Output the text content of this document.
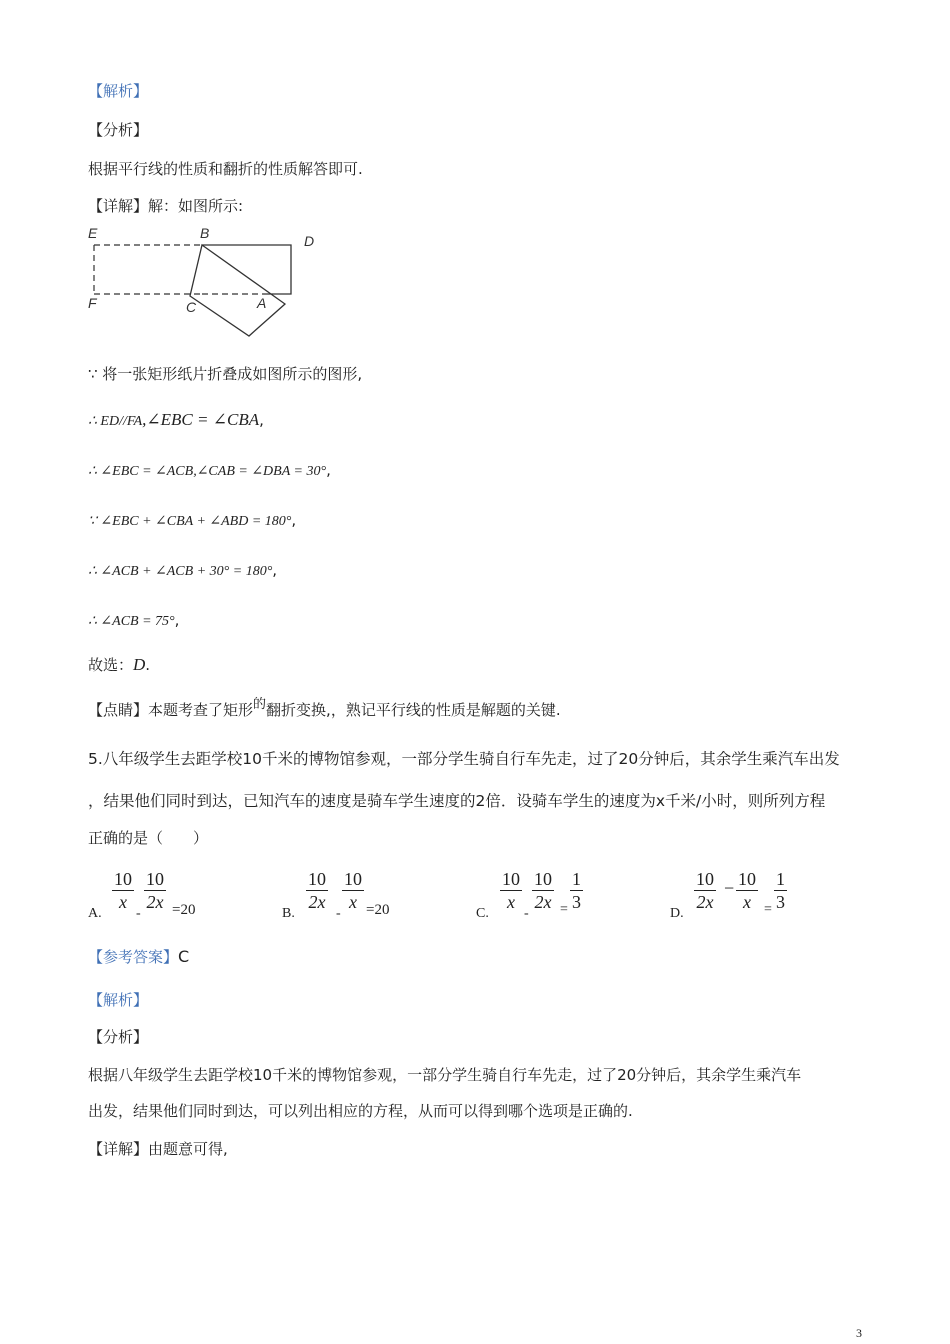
【解析】
【分析】
根据平行线的性质和翻折的性质解答即可.
【详解】解：如图所示:
E	B	D
F	C	A
∵ 将一张矩形纸片折叠成如图所示的图形,
∴ ED//FA,∠EBC = ∠CBA,
∴ ∠EBC = ∠ACB,∠CAB = ∠DBA = 30°,
∵ ∠EBC + ∠CBA + ∠ABD = 180°,
∴ ∠ACB + ∠ACB + 30° = 180°,
∴ ∠ACB = 75°,
故选：D.
【点睛】本题考查了矩形的翻折变换,，熟记平行线的性质是解题的关键.
5.八年级学生去距学校10千米的博物馆参观，一部分学生骑自行车先走，过了20分钟后，其余学生乘汽车出发
，结果他们同时到达，已知汽车的速度是骑车学生速度的2倍．设骑车学生的速度为x千米/小时，则所列方程
正确的是（　　）
A.
$\frac{10}{x}$
-
$\frac{10}{2x} =20$	B.
$\frac{10}{2x}$
-
$\frac{10}{x} =20$	C.
$\frac{10}{x}$
-
$\frac{10}{2x} = \frac{1}{3}$
D.
$\frac{10}{2x} - \frac{10}{x} = \frac{1}{3}$
【参考答案】C
【解析】
【分析】
根据八年级学生去距学校10千米的博物馆参观，一部分学生骑自行车先走，过了20分钟后，其余学生乘汽车
出发，结果他们同时到达，可以列出相应的方程，从而可以得到哪个选项是正确的.
【详解】由题意可得,
3
